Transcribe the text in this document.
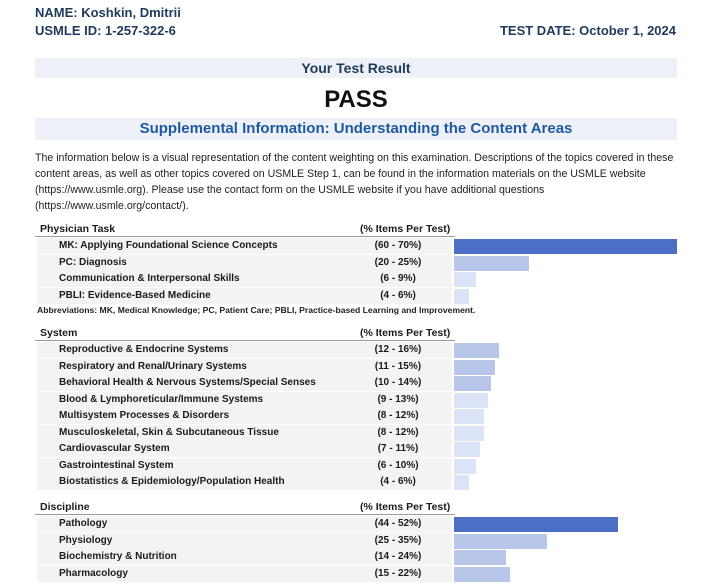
NAME: Koshkin, Dmitrii
USMLE ID: 1-257-322-6	TEST DATE: October 1, 2024
Your Test Result
PASS
Supplemental Information: Understanding the Content Areas
The information below is a visual representation of the content weighting on this examination. Descriptions of the topics covered in these content areas, as well as other topics covered on USMLE Step 1, can be found in the information materials on the USMLE website (https://www.usmle.org). Please use the contact form on the USMLE website if you have additional questions (https://www.usmle.org/contact/).
Physician Task	(% Items Per Test)
MK: Applying Foundational Science Concepts	(60 - 70%)
PC: Diagnosis	(20 - 25%)
Communication & Interpersonal Skills	(6 - 9%)
PBLI: Evidence-Based Medicine	(4 - 6%)
Abbreviations: MK, Medical Knowledge; PC, Patient Care; PBLI, Practice-based Learning and Improvement.
System	(% Items Per Test)
Reproductive & Endocrine Systems	(12 - 16%)
Respiratory and Renal/Urinary Systems	(11 - 15%)
Behavioral Health & Nervous Systems/Special Senses	(10 - 14%)
Blood & Lymphoreticular/Immune Systems	(9 - 13%)
Multisystem Processes & Disorders	(8 - 12%)
Musculoskeletal, Skin & Subcutaneous Tissue	(8 - 12%)
Cardiovascular System	(7 - 11%)
Gastrointestinal System	(6 - 10%)
Biostatistics & Epidemiology/Population Health	(4 - 6%)
Discipline	(% Items Per Test)
Pathology	(44 - 52%)
Physiology	(25 - 35%)
Biochemistry & Nutrition	(14 - 24%)
Pharmacology	(15 - 22%)
